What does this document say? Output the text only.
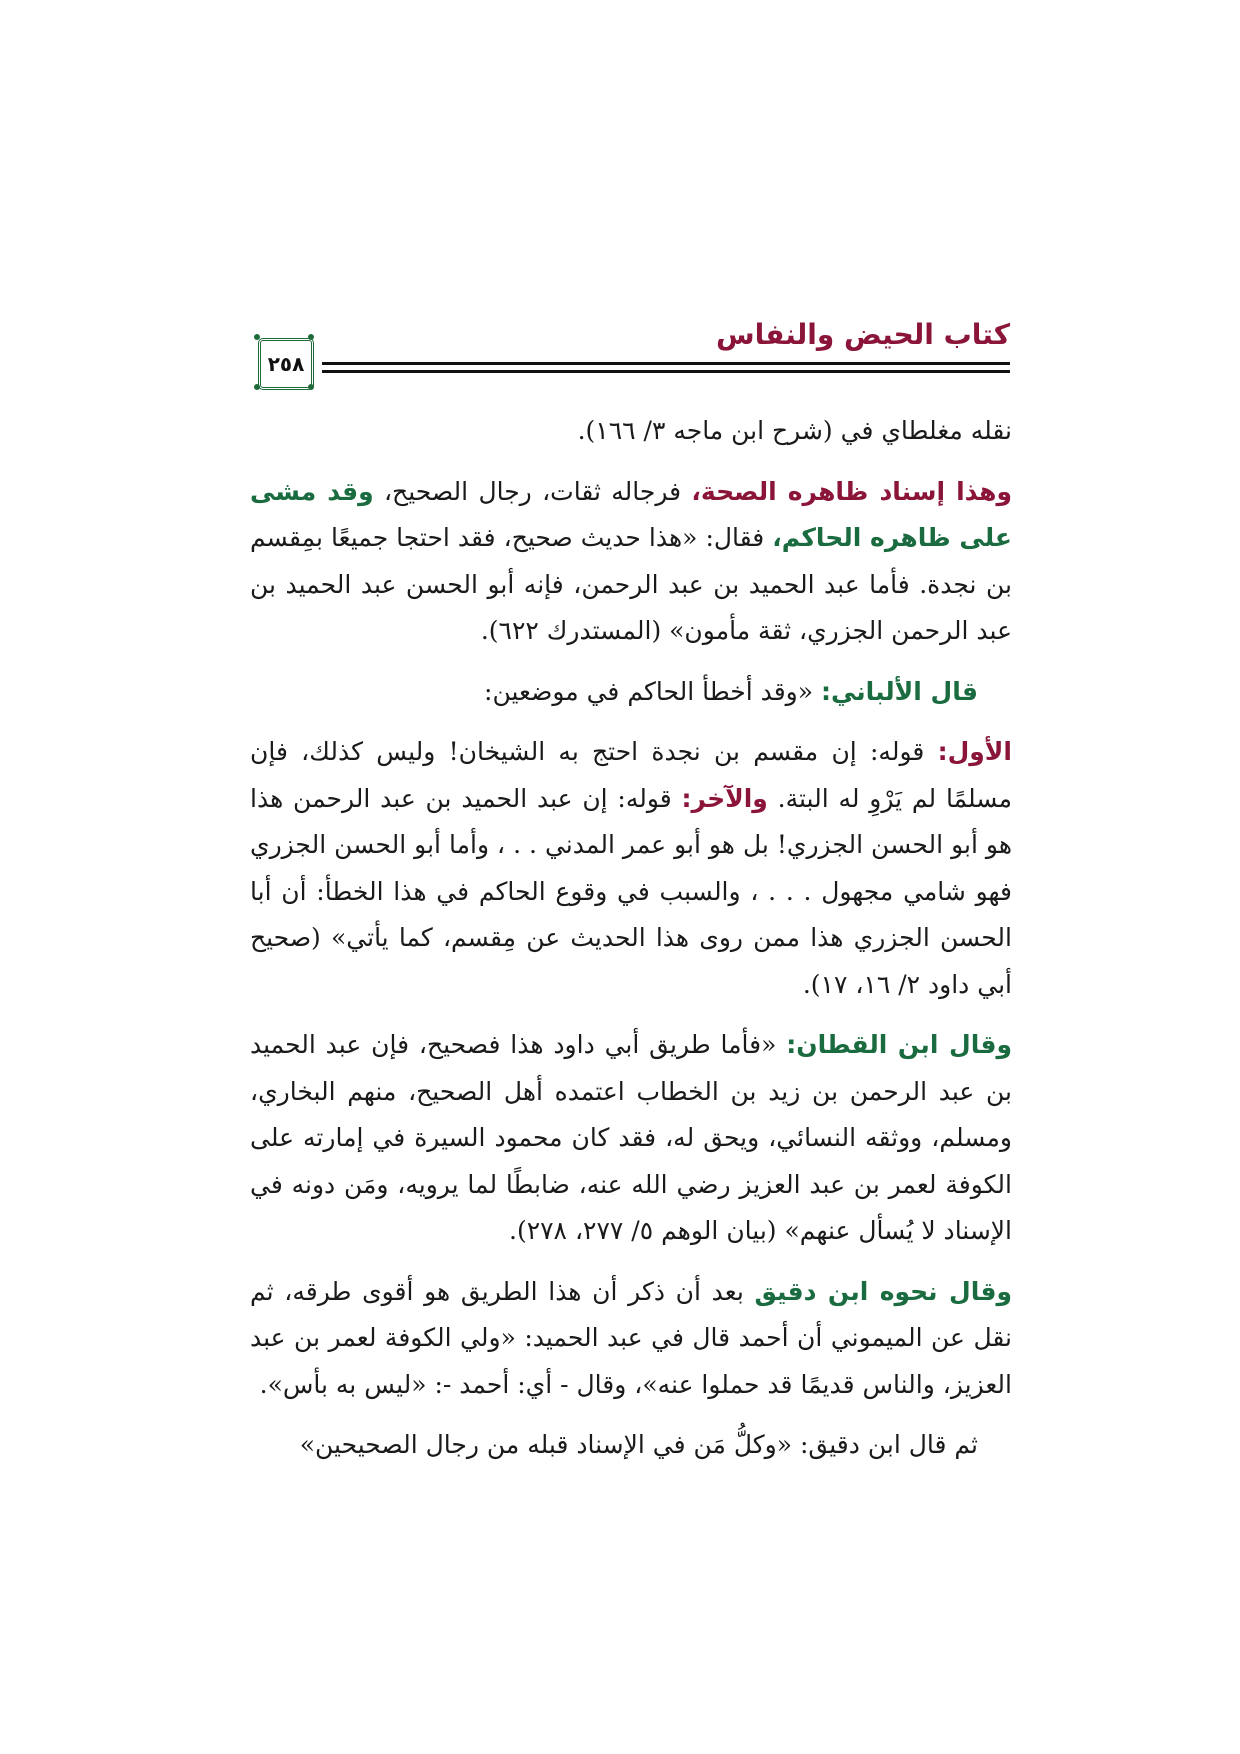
كتاب الحيض والنفاس
٢٥٨

نقله مغلطاي في (شرح ابن ماجه ٣/ ١٦٦).

وهذا إسناد ظاهره الصحة، فرجاله ثقات، رجال الصحيح، وقد مشى على ظاهره الحاكم، فقال: «هذا حديث صحيح، فقد احتجا جميعًا بمِقسم بن نجدة. فأما عبد الحميد بن عبد الرحمن، فإنه أبو الحسن عبد الحميد بن عبد الرحمن الجزري، ثقة مأمون» (المستدرك ٦٢٢).

قال الألباني: «وقد أخطأ الحاكم في موضعين:

الأول: قوله: إن مقسم بن نجدة احتج به الشيخان! وليس كذلك، فإن مسلمًا لم يَرْوِ له البتة. والآخر: قوله: إن عبد الحميد بن عبد الرحمن هذا هو أبو الحسن الجزري! بل هو أبو عمر المدني . . ، وأما أبو الحسن الجزري فهو شامي مجهول . . . ، والسبب في وقوع الحاكم في هذا الخطأ: أن أبا الحسن الجزري هذا ممن روى هذا الحديث عن مِقسم، كما يأتي» (صحيح أبي داود ٢/ ١٦، ١٧).

وقال ابن القطان: «فأما طريق أبي داود هذا فصحيح، فإن عبد الحميد بن عبد الرحمن بن زيد بن الخطاب اعتمده أهل الصحيح، منهم البخاري، ومسلم، ووثقه النسائي، ويحق له، فقد كان محمود السيرة في إمارته على الكوفة لعمر بن عبد العزيز رضي الله عنه، ضابطًا لما يرويه، ومَن دونه في الإسناد لا يُسأل عنهم» (بيان الوهم ٥/ ٢٧٧، ٢٧٨).

وقال نحوه ابن دقيق بعد أن ذكر أن هذا الطريق هو أقوى طرقه، ثم نقل عن الميموني أن أحمد قال في عبد الحميد: «ولي الكوفة لعمر بن عبد العزيز، والناس قديمًا قد حملوا عنه»، وقال - أي: أحمد -: «ليس به بأس».

ثم قال ابن دقيق: «وكلُّ مَن في الإسناد قبله من رجال الصحيحين»
